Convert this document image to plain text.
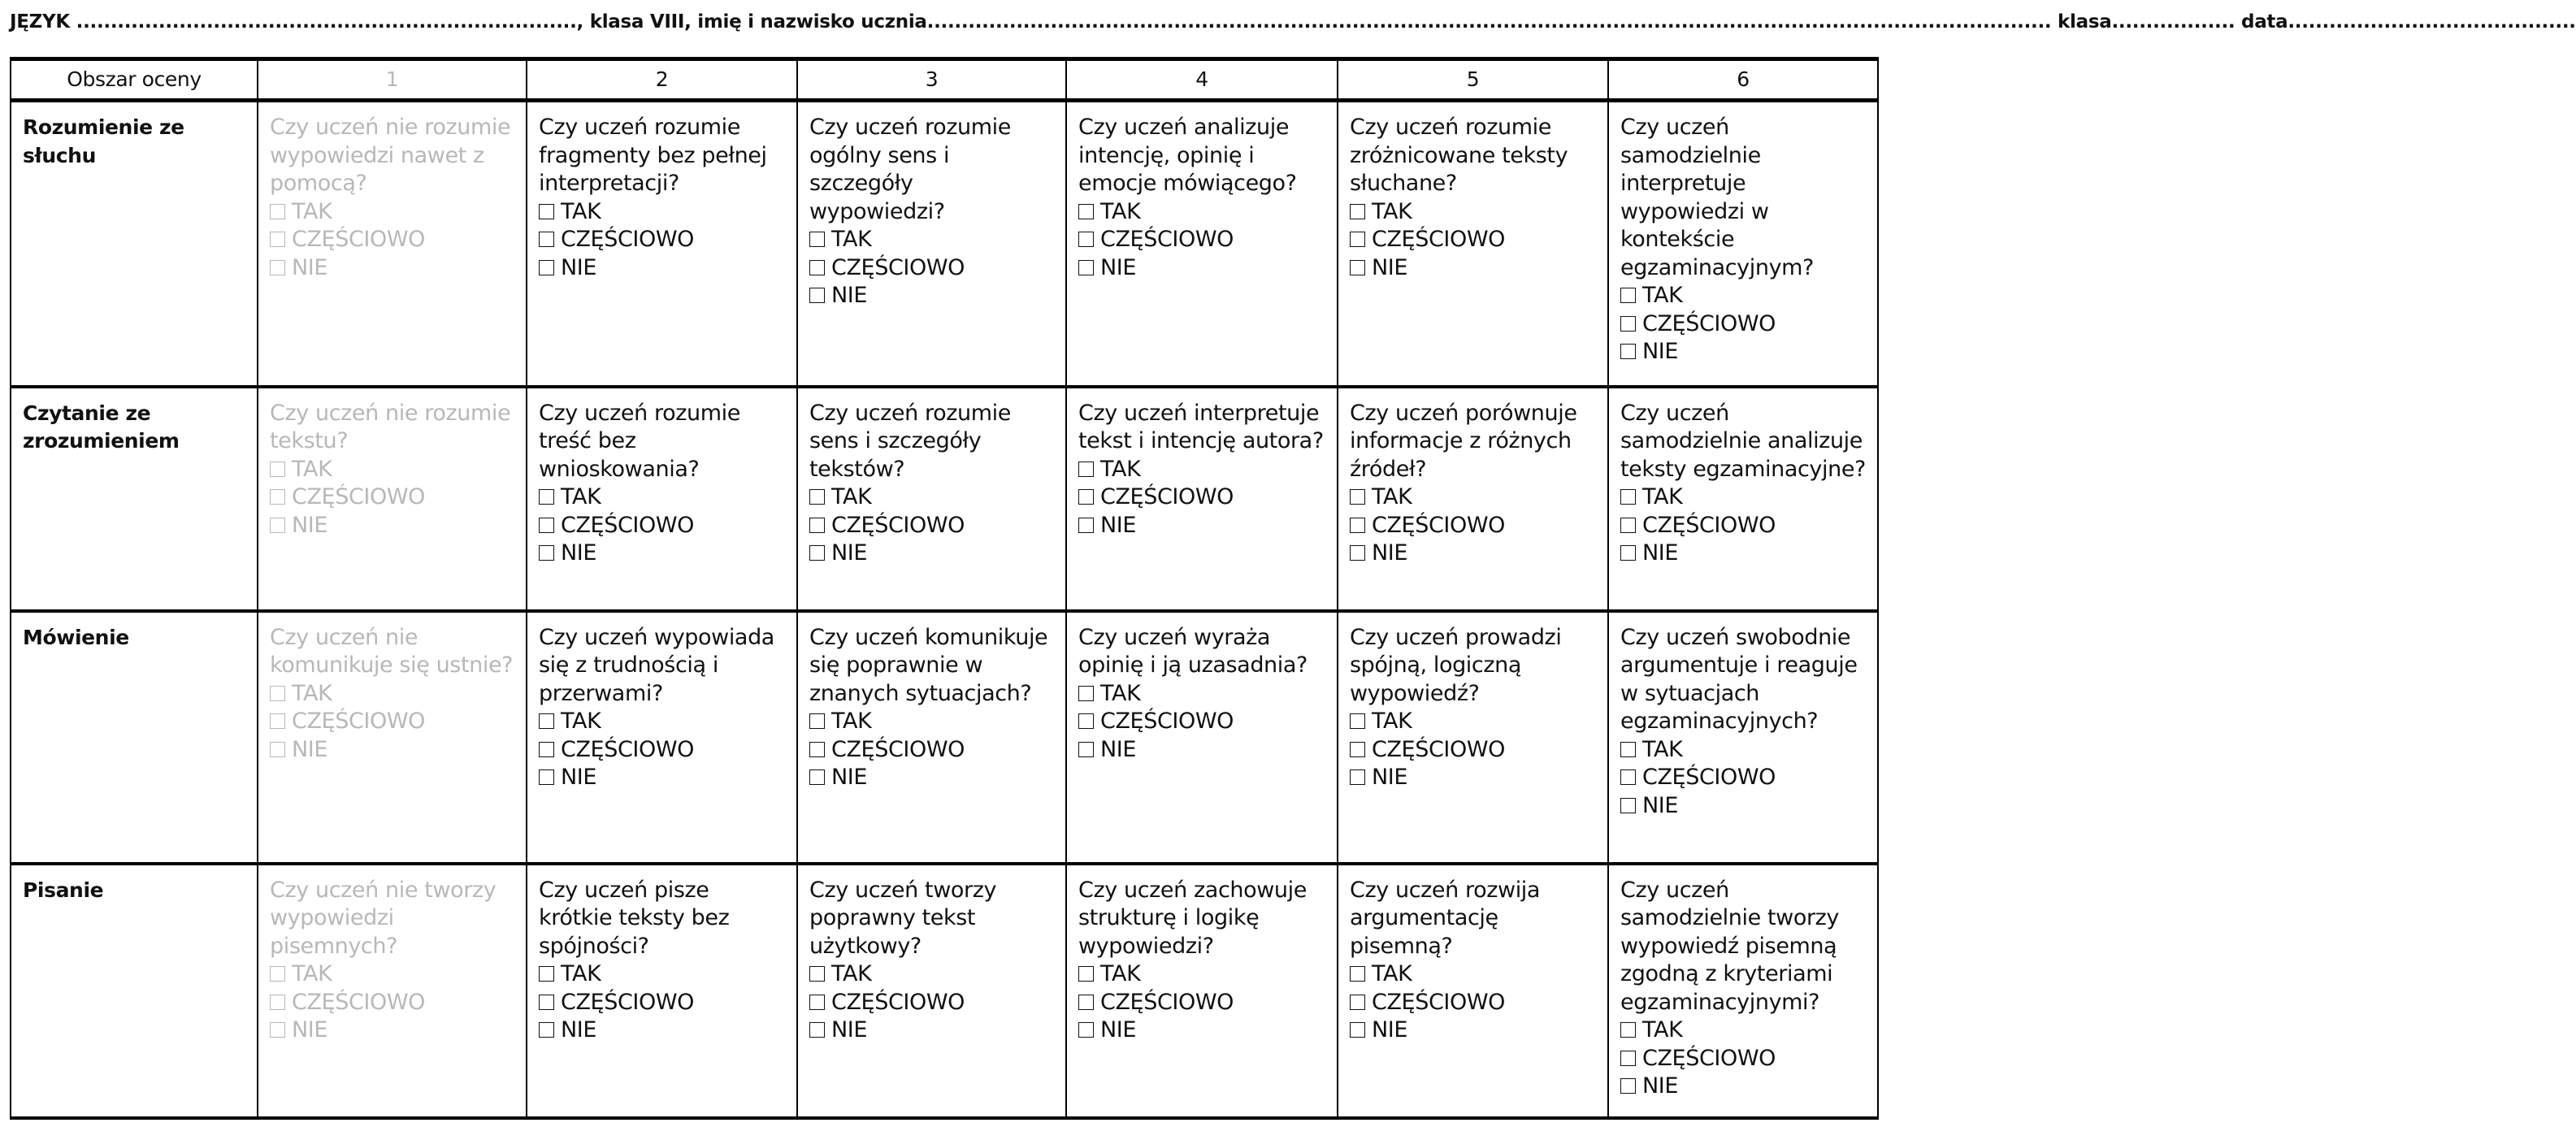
JĘZYK ........................................................................., klasa VIII, imię i nazwisko ucznia.................................................................................................................................................................... klasa.................. data..........................................
Obszar oceny	1	2	3	4	5	6
Rozumienie ze słuchu	Czy uczeń nie rozumie wypowiedzi nawet z pomocą?
TAK
CZĘŚCIOWO
NIE	Czy uczeń rozumie fragmenty bez pełnej interpretacji?
TAK
CZĘŚCIOWO
NIE	Czy uczeń rozumie ogólny sens i szczegóły wypowiedzi?
TAK
CZĘŚCIOWO
NIE	Czy uczeń analizuje intencję, opinię i emocje mówiącego?
TAK
CZĘŚCIOWO
NIE	Czy uczeń rozumie zróżnicowane teksty słuchane?
TAK
CZĘŚCIOWO
NIE	Czy uczeń samodzielnie interpretuje wypowiedzi w kontekście egzaminacyjnym?
TAK
CZĘŚCIOWO
NIE

Czytanie ze zrozumieniem	Czy uczeń nie rozumie tekstu?
TAK
CZĘŚCIOWO
NIE	Czy uczeń rozumie treść bez wnioskowania?
TAK
CZĘŚCIOWO
NIE	Czy uczeń rozumie sens i szczegóły tekstów?
TAK
CZĘŚCIOWO
NIE	Czy uczeń interpretuje tekst i intencję autora?
TAK
CZĘŚCIOWO
NIE	Czy uczeń porównuje informacje z różnych źródeł?
TAK
CZĘŚCIOWO
NIE	Czy uczeń samodzielnie analizuje teksty egzaminacyjne?
TAK
CZĘŚCIOWO
NIE

Mówienie	Czy uczeń nie komunikuje się ustnie?
TAK
CZĘŚCIOWO
NIE	Czy uczeń wypowiada się z trudnością i przerwami?
TAK
CZĘŚCIOWO
NIE	Czy uczeń komunikuje się poprawnie w znanych sytuacjach?
TAK
CZĘŚCIOWO
NIE	Czy uczeń wyraża opinię i ją uzasadnia?
TAK
CZĘŚCIOWO
NIE	Czy uczeń prowadzi spójną, logiczną wypowiedź?
TAK
CZĘŚCIOWO
NIE	Czy uczeń swobodnie argumentuje i reaguje w sytuacjach egzaminacyjnych?
TAK
CZĘŚCIOWO
NIE

Pisanie	Czy uczeń nie tworzy wypowiedzi pisemnych?
TAK
CZĘŚCIOWO
NIE	Czy uczeń pisze krótkie teksty bez spójności?
TAK
CZĘŚCIOWO
NIE	Czy uczeń tworzy poprawny tekst użytkowy?
TAK
CZĘŚCIOWO
NIE	Czy uczeń zachowuje strukturę i logikę wypowiedzi?
TAK
CZĘŚCIOWO
NIE	Czy uczeń rozwija argumentację pisemną?
TAK
CZĘŚCIOWO
NIE	Czy uczeń samodzielnie tworzy wypowiedź pisemną zgodną z kryteriami egzaminacyjnymi?
TAK
CZĘŚCIOWO
NIE
